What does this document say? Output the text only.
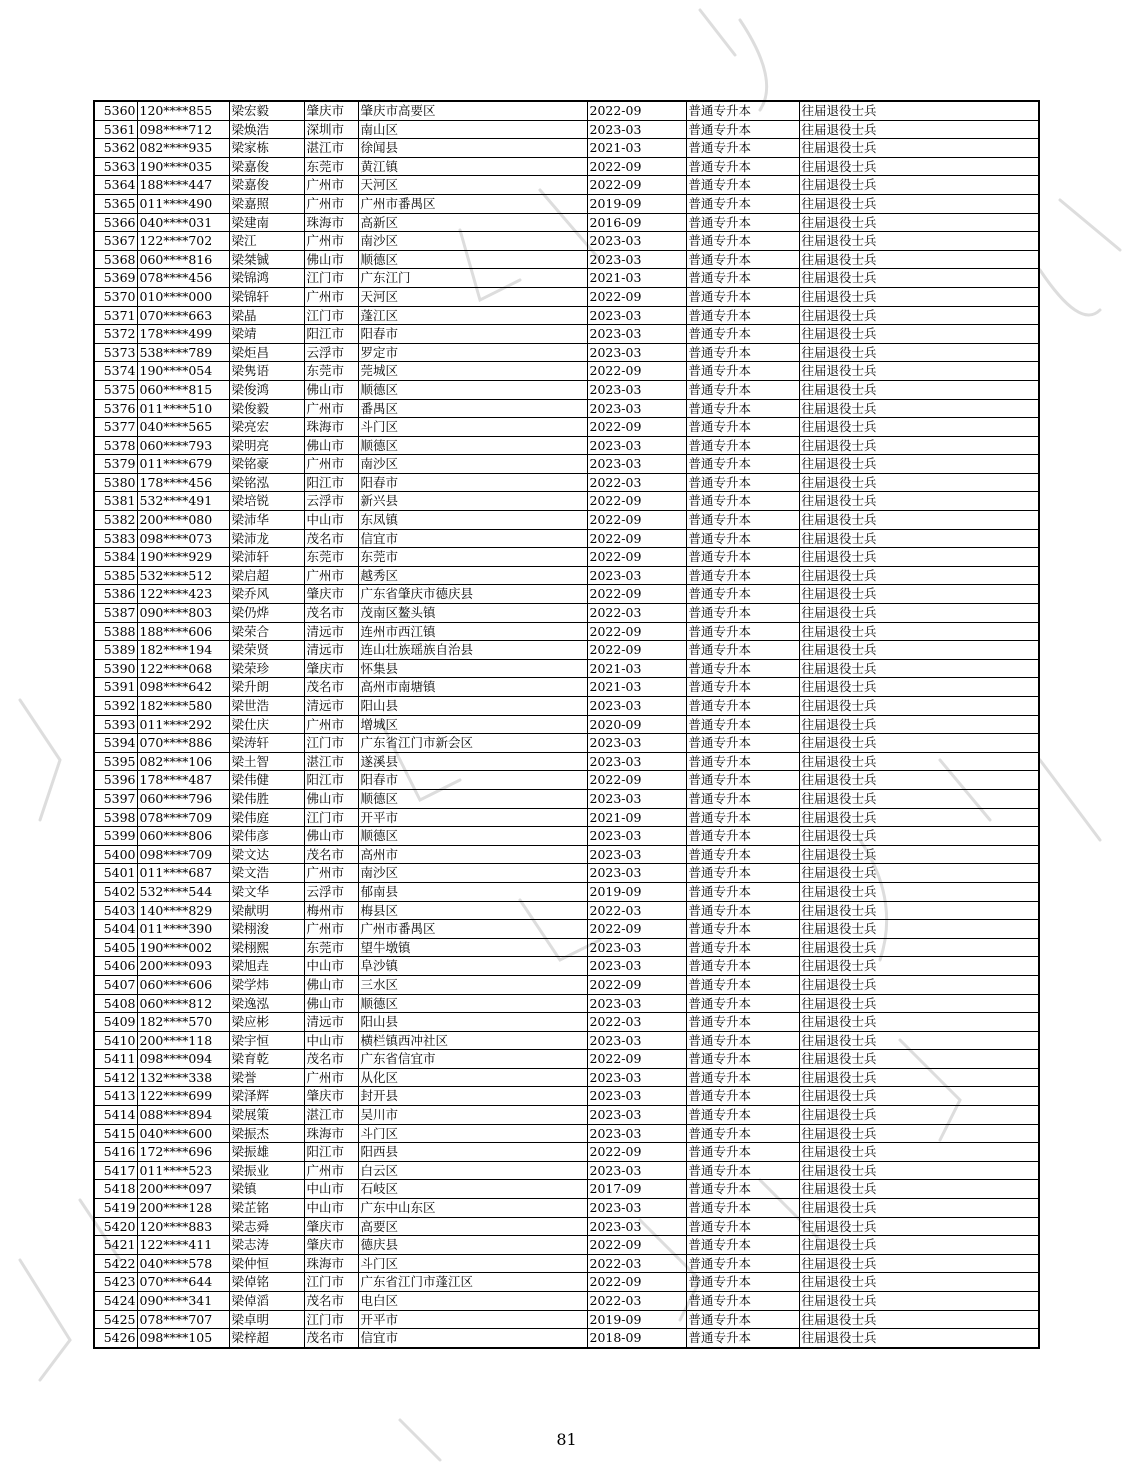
5360	120****855	梁宏毅	肇庆市	肇庆市高要区	2022-09	普通专升本	往届退役士兵
5361	098****712	梁焕浩	深圳市	南山区	2023-03	普通专升本	往届退役士兵
5362	082****935	梁家栋	湛江市	徐闻县	2021-03	普通专升本	往届退役士兵
5363	190****035	梁嘉俊	东莞市	黄江镇	2022-09	普通专升本	往届退役士兵
5364	188****447	梁嘉俊	广州市	天河区	2022-09	普通专升本	往届退役士兵
5365	011****490	梁嘉照	广州市	广州市番禺区	2019-09	普通专升本	往届退役士兵
5366	040****031	梁建南	珠海市	高新区	2016-09	普通专升本	往届退役士兵
5367	122****702	梁江	广州市	南沙区	2023-03	普通专升本	往届退役士兵
5368	060****816	梁桀铖	佛山市	顺德区	2023-03	普通专升本	往届退役士兵
5369	078****456	梁锦鸿	江门市	广东江门	2021-03	普通专升本	往届退役士兵
5370	010****000	梁锦轩	广州市	天河区	2022-09	普通专升本	往届退役士兵
5371	070****663	梁晶	江门市	蓬江区	2023-03	普通专升本	往届退役士兵
5372	178****499	梁靖	阳江市	阳春市	2023-03	普通专升本	往届退役士兵
5373	538****789	梁炬昌	云浮市	罗定市	2023-03	普通专升本	往届退役士兵
5374	190****054	梁隽语	东莞市	莞城区	2022-09	普通专升本	往届退役士兵
5375	060****815	梁俊鸿	佛山市	顺德区	2023-03	普通专升本	往届退役士兵
5376	011****510	梁俊毅	广州市	番禺区	2023-03	普通专升本	往届退役士兵
5377	040****565	梁亮宏	珠海市	斗门区	2022-09	普通专升本	往届退役士兵
5378	060****793	梁明亮	佛山市	顺德区	2023-03	普通专升本	往届退役士兵
5379	011****679	梁铭豪	广州市	南沙区	2023-03	普通专升本	往届退役士兵
5380	178****456	梁铭泓	阳江市	阳春市	2022-03	普通专升本	往届退役士兵
5381	532****491	梁培锐	云浮市	新兴县	2022-09	普通专升本	往届退役士兵
5382	200****080	梁沛华	中山市	东凤镇	2022-09	普通专升本	往届退役士兵
5383	098****073	梁沛龙	茂名市	信宜市	2022-09	普通专升本	往届退役士兵
5384	190****929	梁沛轩	东莞市	东莞市	2022-09	普通专升本	往届退役士兵
5385	532****512	梁启超	广州市	越秀区	2023-03	普通专升本	往届退役士兵
5386	122****423	梁乔风	肇庆市	广东省肇庆市德庆县	2022-09	普通专升本	往届退役士兵
5387	090****803	梁仍烨	茂名市	茂南区鳌头镇	2022-03	普通专升本	往届退役士兵
5388	188****606	梁荣合	清远市	连州市西江镇	2022-09	普通专升本	往届退役士兵
5389	182****194	梁荣贤	清远市	连山壮族瑶族自治县	2022-09	普通专升本	往届退役士兵
5390	122****068	梁荣珍	肇庆市	怀集县	2021-03	普通专升本	往届退役士兵
5391	098****642	梁升朗	茂名市	高州市南塘镇	2021-03	普通专升本	往届退役士兵
5392	182****580	梁世浩	清远市	阳山县	2023-03	普通专升本	往届退役士兵
5393	011****292	梁仕庆	广州市	增城区	2020-09	普通专升本	往届退役士兵
5394	070****886	梁涛轩	江门市	广东省江门市新会区	2023-03	普通专升本	往届退役士兵
5395	082****106	梁土智	湛江市	遂溪县	2023-03	普通专升本	往届退役士兵
5396	178****487	梁伟健	阳江市	阳春市	2022-09	普通专升本	往届退役士兵
5397	060****796	梁伟胜	佛山市	顺德区	2023-03	普通专升本	往届退役士兵
5398	078****709	梁伟庭	江门市	开平市	2021-09	普通专升本	往届退役士兵
5399	060****806	梁伟彦	佛山市	顺德区	2023-03	普通专升本	往届退役士兵
5400	098****709	梁文达	茂名市	高州市	2023-03	普通专升本	往届退役士兵
5401	011****687	梁文浩	广州市	南沙区	2023-03	普通专升本	往届退役士兵
5402	532****544	梁文华	云浮市	郁南县	2019-09	普通专升本	往届退役士兵
5403	140****829	梁献明	梅州市	梅县区	2022-03	普通专升本	往届退役士兵
5404	011****390	梁栩浚	广州市	广州市番禺区	2022-09	普通专升本	往届退役士兵
5405	190****002	梁栩熙	东莞市	望牛墩镇	2023-03	普通专升本	往届退役士兵
5406	200****093	梁旭垚	中山市	阜沙镇	2023-03	普通专升本	往届退役士兵
5407	060****606	梁学炜	佛山市	三水区	2022-09	普通专升本	往届退役士兵
5408	060****812	梁逸泓	佛山市	顺德区	2023-03	普通专升本	往届退役士兵
5409	182****570	梁应彬	清远市	阳山县	2022-03	普通专升本	往届退役士兵
5410	200****118	梁宇恒	中山市	横栏镇西冲社区	2023-03	普通专升本	往届退役士兵
5411	098****094	梁育乾	茂名市	广东省信宜市	2022-09	普通专升本	往届退役士兵
5412	132****338	梁誉	广州市	从化区	2023-03	普通专升本	往届退役士兵
5413	122****699	梁泽辉	肇庆市	封开县	2023-03	普通专升本	往届退役士兵
5414	088****894	梁展策	湛江市	吴川市	2023-03	普通专升本	往届退役士兵
5415	040****600	梁振杰	珠海市	斗门区	2023-03	普通专升本	往届退役士兵
5416	172****696	梁振雄	阳江市	阳西县	2022-09	普通专升本	往届退役士兵
5417	011****523	梁振业	广州市	白云区	2023-03	普通专升本	往届退役士兵
5418	200****097	梁镇	中山市	石岐区	2017-09	普通专升本	往届退役士兵
5419	200****128	梁芷铭	中山市	广东中山东区	2023-03	普通专升本	往届退役士兵
5420	120****883	梁志舜	肇庆市	高要区	2023-03	普通专升本	往届退役士兵
5421	122****411	梁志涛	肇庆市	德庆县	2022-09	普通专升本	往届退役士兵
5422	040****578	梁仲恒	珠海市	斗门区	2022-03	普通专升本	往届退役士兵
5423	070****644	梁倬铭	江门市	广东省江门市蓬江区	2022-09	普通专升本	往届退役士兵
5424	090****341	梁倬滔	茂名市	电白区	2022-03	普通专升本	往届退役士兵
5425	078****707	梁卓明	江门市	开平市	2019-09	普通专升本	往届退役士兵
5426	098****105	梁梓超	茂名市	信宜市	2018-09	普通专升本	往届退役士兵
81
